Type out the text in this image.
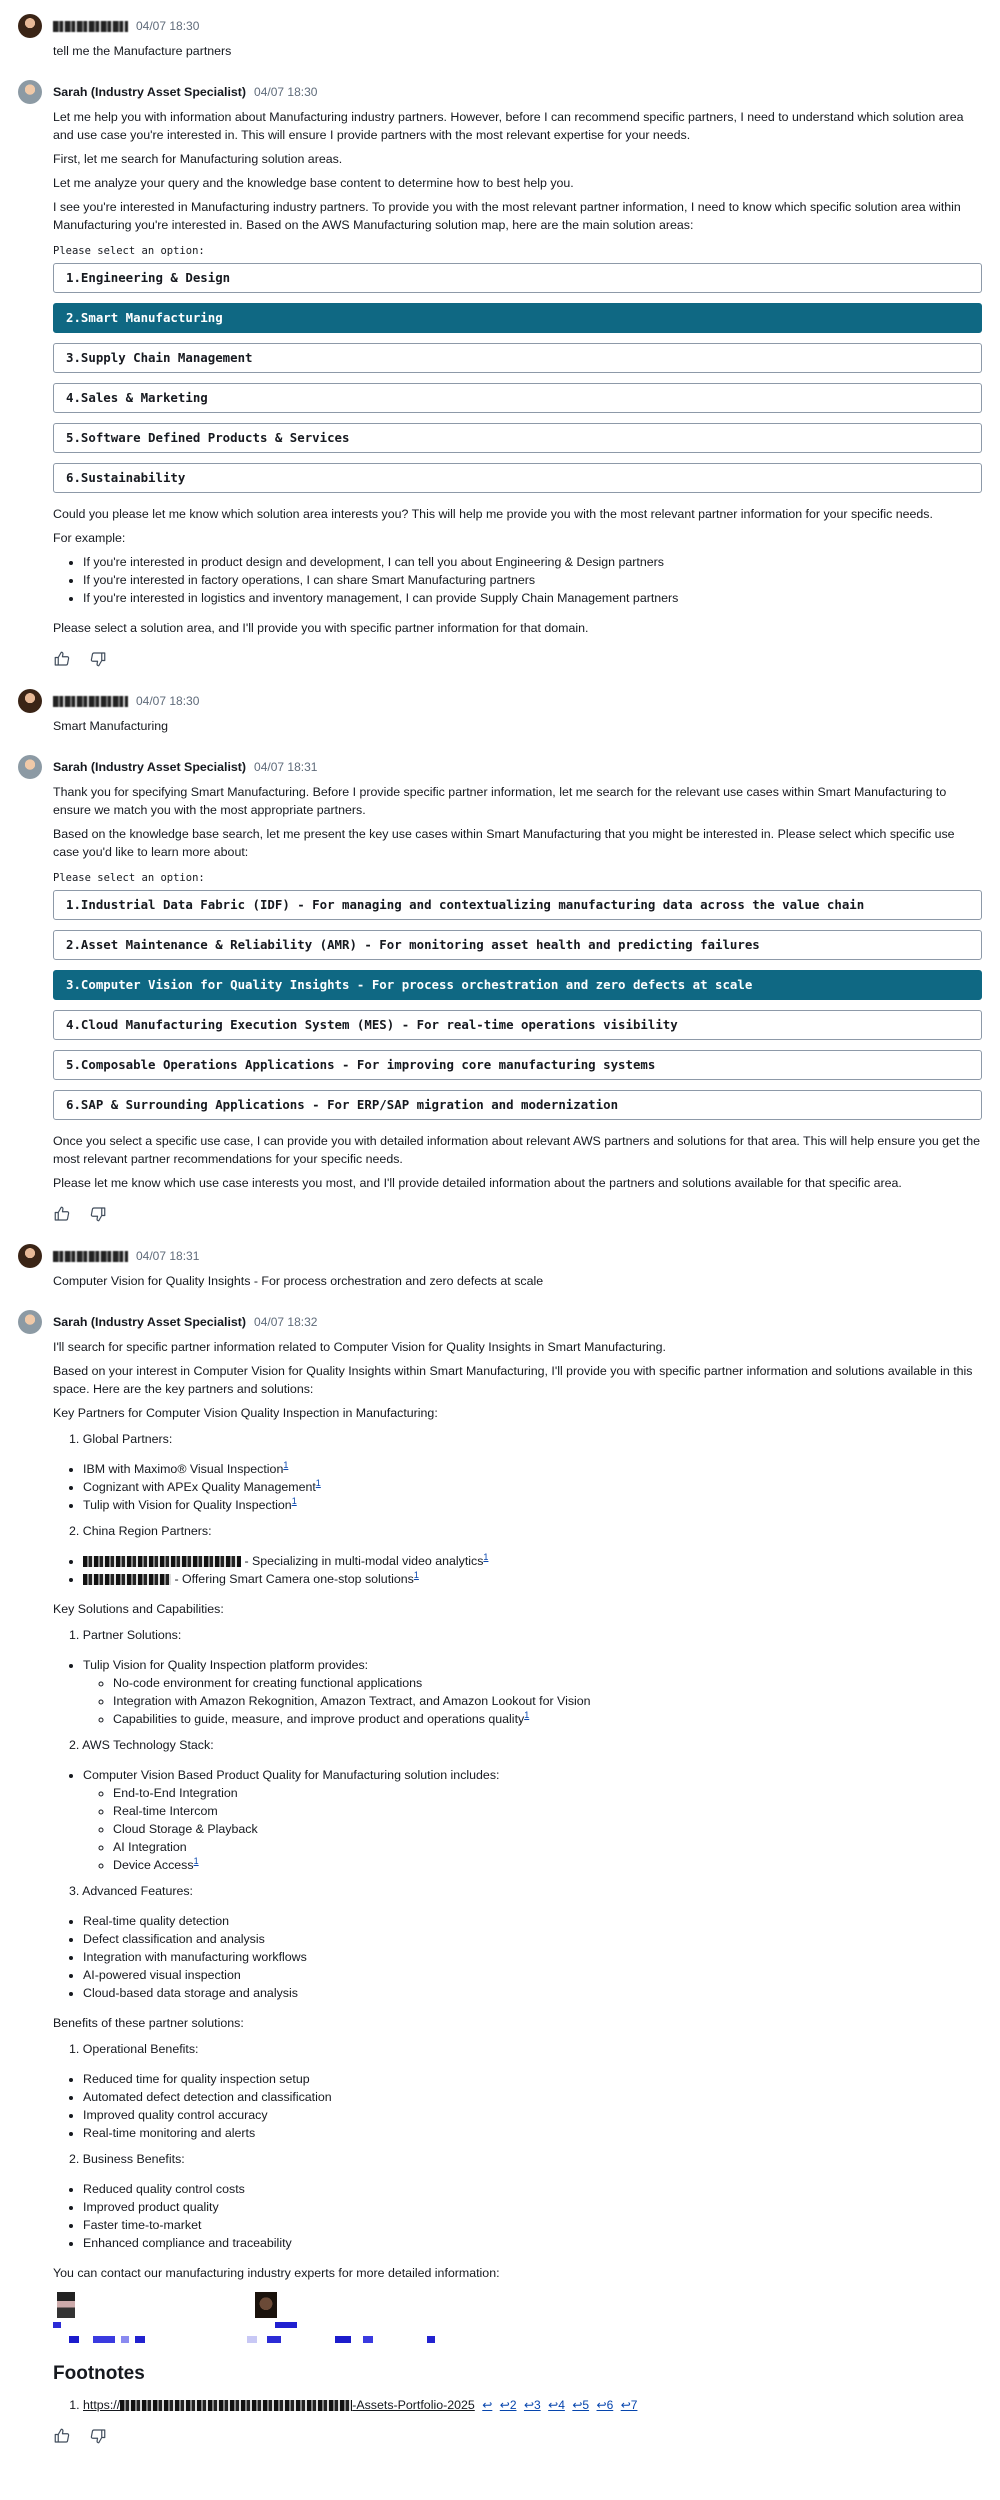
04/07 18:30

tell me the Manufacture partners

Sarah (Industry Asset Specialist) 04/07 18:30

Let me help you with information about Manufacturing industry partners. However, before I can recommend specific partners, I need to understand which solution area and use case you're interested in. This will ensure I provide partners with the most relevant expertise for your needs.

First, let me search for Manufacturing solution areas.

Let me analyze your query and the knowledge base content to determine how to best help you.

I see you're interested in Manufacturing industry partners. To provide you with the most relevant partner information, I need to know which specific solution area within Manufacturing you're interested in. Based on the AWS Manufacturing solution map, here are the main solution areas:

Please select an option:
1.Engineering & Design
2.Smart Manufacturing
3.Supply Chain Management
4.Sales & Marketing
5.Software Defined Products & Services
6.Sustainability

Could you please let me know which solution area interests you? This will help me provide you with the most relevant partner information for your specific needs.

For example:

• If you're interested in product design and development, I can tell you about Engineering & Design partners
• If you're interested in factory operations, I can share Smart Manufacturing partners
• If you're interested in logistics and inventory management, I can provide Supply Chain Management partners

Please select a solution area, and I'll provide you with specific partner information for that domain.

04/07 18:30

Smart Manufacturing

Sarah (Industry Asset Specialist) 04/07 18:31

Thank you for specifying Smart Manufacturing. Before I provide specific partner information, let me search for the relevant use cases within Smart Manufacturing to ensure we match you with the most appropriate partners.

Based on the knowledge base search, let me present the key use cases within Smart Manufacturing that you might be interested in. Please select which specific use case you'd like to learn more about:

Please select an option:
1.Industrial Data Fabric (IDF) - For managing and contextualizing manufacturing data across the value chain
2.Asset Maintenance & Reliability (AMR) - For monitoring asset health and predicting failures
3.Computer Vision for Quality Insights - For process orchestration and zero defects at scale
4.Cloud Manufacturing Execution System (MES) - For real-time operations visibility
5.Composable Operations Applications - For improving core manufacturing systems
6.SAP & Surrounding Applications - For ERP/SAP migration and modernization

Once you select a specific use case, I can provide you with detailed information about relevant AWS partners and solutions for that area. This will help ensure you get the most relevant partner recommendations for your specific needs.

Please let me know which use case interests you most, and I'll provide detailed information about the partners and solutions available for that specific area.

04/07 18:31

Computer Vision for Quality Insights - For process orchestration and zero defects at scale

Sarah (Industry Asset Specialist) 04/07 18:32

I'll search for specific partner information related to Computer Vision for Quality Insights in Smart Manufacturing.

Based on your interest in Computer Vision for Quality Insights within Smart Manufacturing, I'll provide you with specific partner information and solutions available in this space. Here are the key partners and solutions:

Key Partners for Computer Vision Quality Inspection in Manufacturing:

1. Global Partners:

• IBM with Maximo® Visual Inspection$^1$
• Cognizant with APEx Quality Management$^1$
• Tulip with Vision for Quality Inspection$^1$

2. China Region Partners:

• - Specializing in multi-modal video analytics$^1$
• - Offering Smart Camera one-stop solutions$^1$

Key Solutions and Capabilities:

1. Partner Solutions:

• Tulip Vision for Quality Inspection platform provides:
◦ No-code environment for creating functional applications
◦ Integration with Amazon Rekognition, Amazon Textract, and Amazon Lookout for Vision
◦ Capabilities to guide, measure, and improve product and operations quality$^1$

2. AWS Technology Stack:

• Computer Vision Based Product Quality for Manufacturing solution includes:
◦ End-to-End Integration
◦ Real-time Intercom
◦ Cloud Storage & Playback
◦ AI Integration
◦ Device Access$^1$

3. Advanced Features:

• Real-time quality detection
• Defect classification and analysis
• Integration with manufacturing workflows
• AI-powered visual inspection
• Cloud-based data storage and analysis

Benefits of these partner solutions:

1. Operational Benefits:

• Reduced time for quality inspection setup
• Automated defect detection and classification
• Improved quality control accuracy
• Real-time monitoring and alerts

2. Business Benefits:

• Reduced quality control costs
• Improved product quality
• Faster time-to-market
• Enhanced compliance and traceability

You can contact our manufacturing industry experts for more detailed information:

Footnotes
1. https://	-Assets-Portfolio-2025 ↩ ↩2 ↩3 ↩4 ↩5 ↩6 ↩7
